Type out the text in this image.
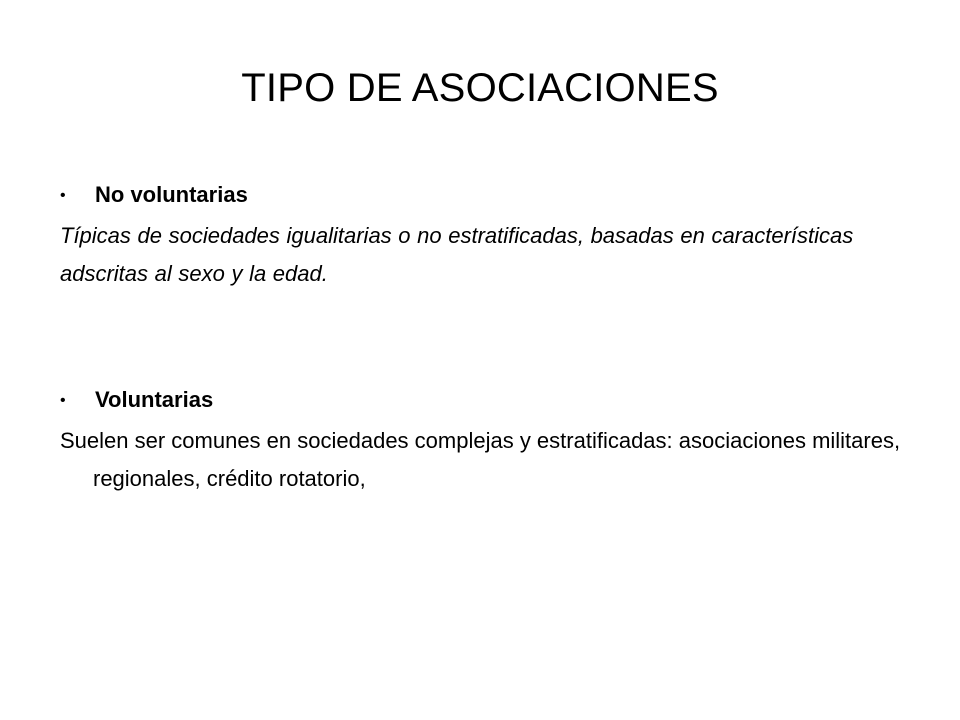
TIPO DE ASOCIACIONES
•	No voluntarias

Típicas de sociedades igualitarias o no estratificadas, basadas en características adscritas al sexo y la edad.

•	Voluntarias

Suelen ser comunes en sociedades complejas y estratificadas: asociaciones militares, regionales, crédito rotatorio,
